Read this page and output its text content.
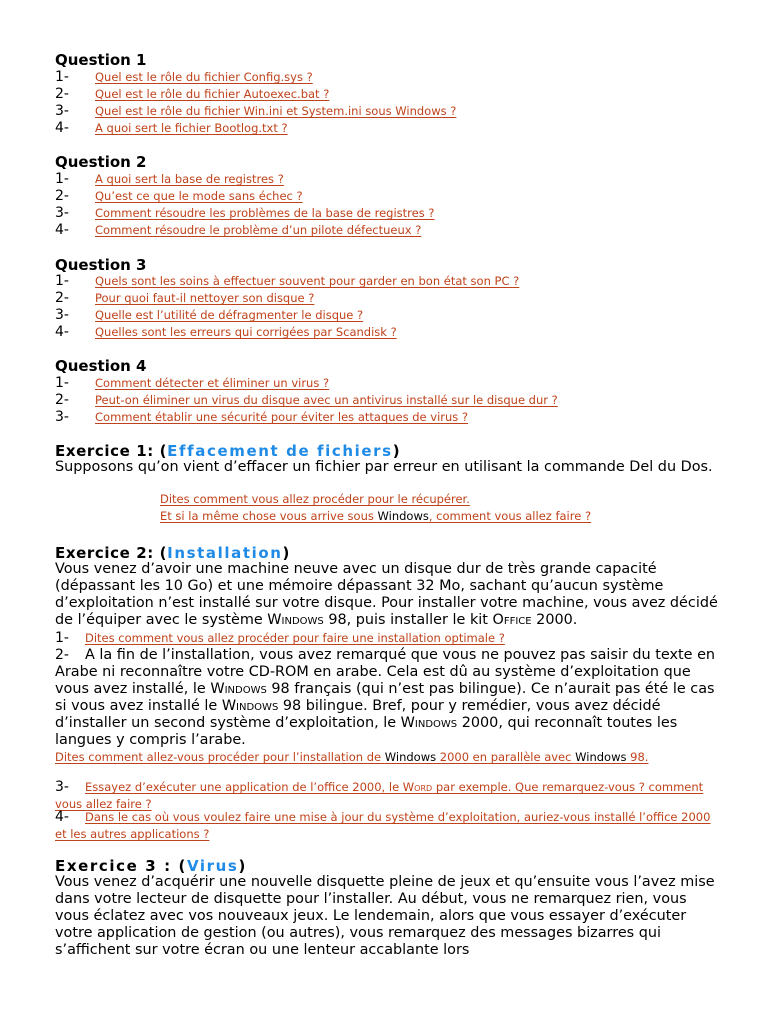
Question 1
1- Quel est le rôle du fichier Config.sys ?
2- Quel est le rôle du fichier Autoexec.bat ?
3- Quel est le rôle du fichier Win.ini et System.ini sous Windows ?
4- A quoi sert le fichier Bootlog.txt ?
Question 2
1- A quoi sert la base de registres ?
2- Qu’est ce que le mode sans échec ?
3- Comment résoudre les problèmes de la base de registres ?
4- Comment résoudre le problème d’un pilote défectueux ?
Question 3
1- Quels sont les soins à effectuer souvent pour garder en bon état son PC ?
2- Pour quoi faut-il nettoyer son disque ?
3- Quelle est l’utilité de défragmenter le disque ?
4- Quelles sont les erreurs qui corrigées par Scandisk ?
Question 4
1- Comment détecter et éliminer un virus ?
2- Peut-on éliminer un virus du disque avec un antivirus installé sur le disque dur ?
3- Comment établir une sécurité pour éviter les attaques de virus ?
Exercice 1: (Effacement de fichiers)

Supposons qu’on vient d’effacer un fichier par erreur en utilisant la commande Del du Dos.

Dites comment vous allez procéder pour le récupérer.
Et si la même chose vous arrive sous Windows, comment vous allez faire ?
Exercice 2: (Installation)

Vous venez d’avoir une machine neuve avec un disque dur de très grande capacité (dépassant les 10 Go) et une mémoire dépassant 32 Mo, sachant qu’aucun système d’exploitation n’est installé sur votre disque. Pour installer votre machine, vous avez décidé de l’équiper avec le système Windows 98, puis installer le kit Office 2000.

1- Dites comment vous allez procéder pour faire une installation optimale ?

2- A la fin de l’installation, vous avez remarqué que vous ne pouvez pas saisir du texte en Arabe ni reconnaître votre CD-ROM en arabe. Cela est dû au système d’exploitation que vous avez installé, le Windows 98 français (qui n’est pas bilingue). Ce n’aurait pas été le cas si vous avez installé le Windows 98 bilingue. Bref, pour y remédier, vous avez décidé d’installer un second système d’exploitation, le Windows 2000, qui reconnaît toutes les langues y compris l’arabe.

Dites comment allez-vous procéder pour l’installation de Windows 2000 en parallèle avec Windows 98.
3- Essayez d’exécuter une application de l’office 2000, le Word par exemple. Que remarquez-vous ? comment vous allez faire ?
4- Dans le cas où vous voulez faire une mise à jour du système d’exploitation, auriez-vous installé l’office 2000 et les autres applications ?
Exercice 3 : (Virus)

Vous venez d’acquérir une nouvelle disquette pleine de jeux et qu’ensuite vous l’avez mise dans votre lecteur de disquette pour l’installer. Au début, vous ne remarquez rien, vous vous éclatez avec vos nouveaux jeux. Le lendemain, alors que vous essayer d’exécuter votre application de gestion (ou autres), vous remarquez des messages bizarres qui s’affichent sur votre écran ou une lenteur accablante lors
